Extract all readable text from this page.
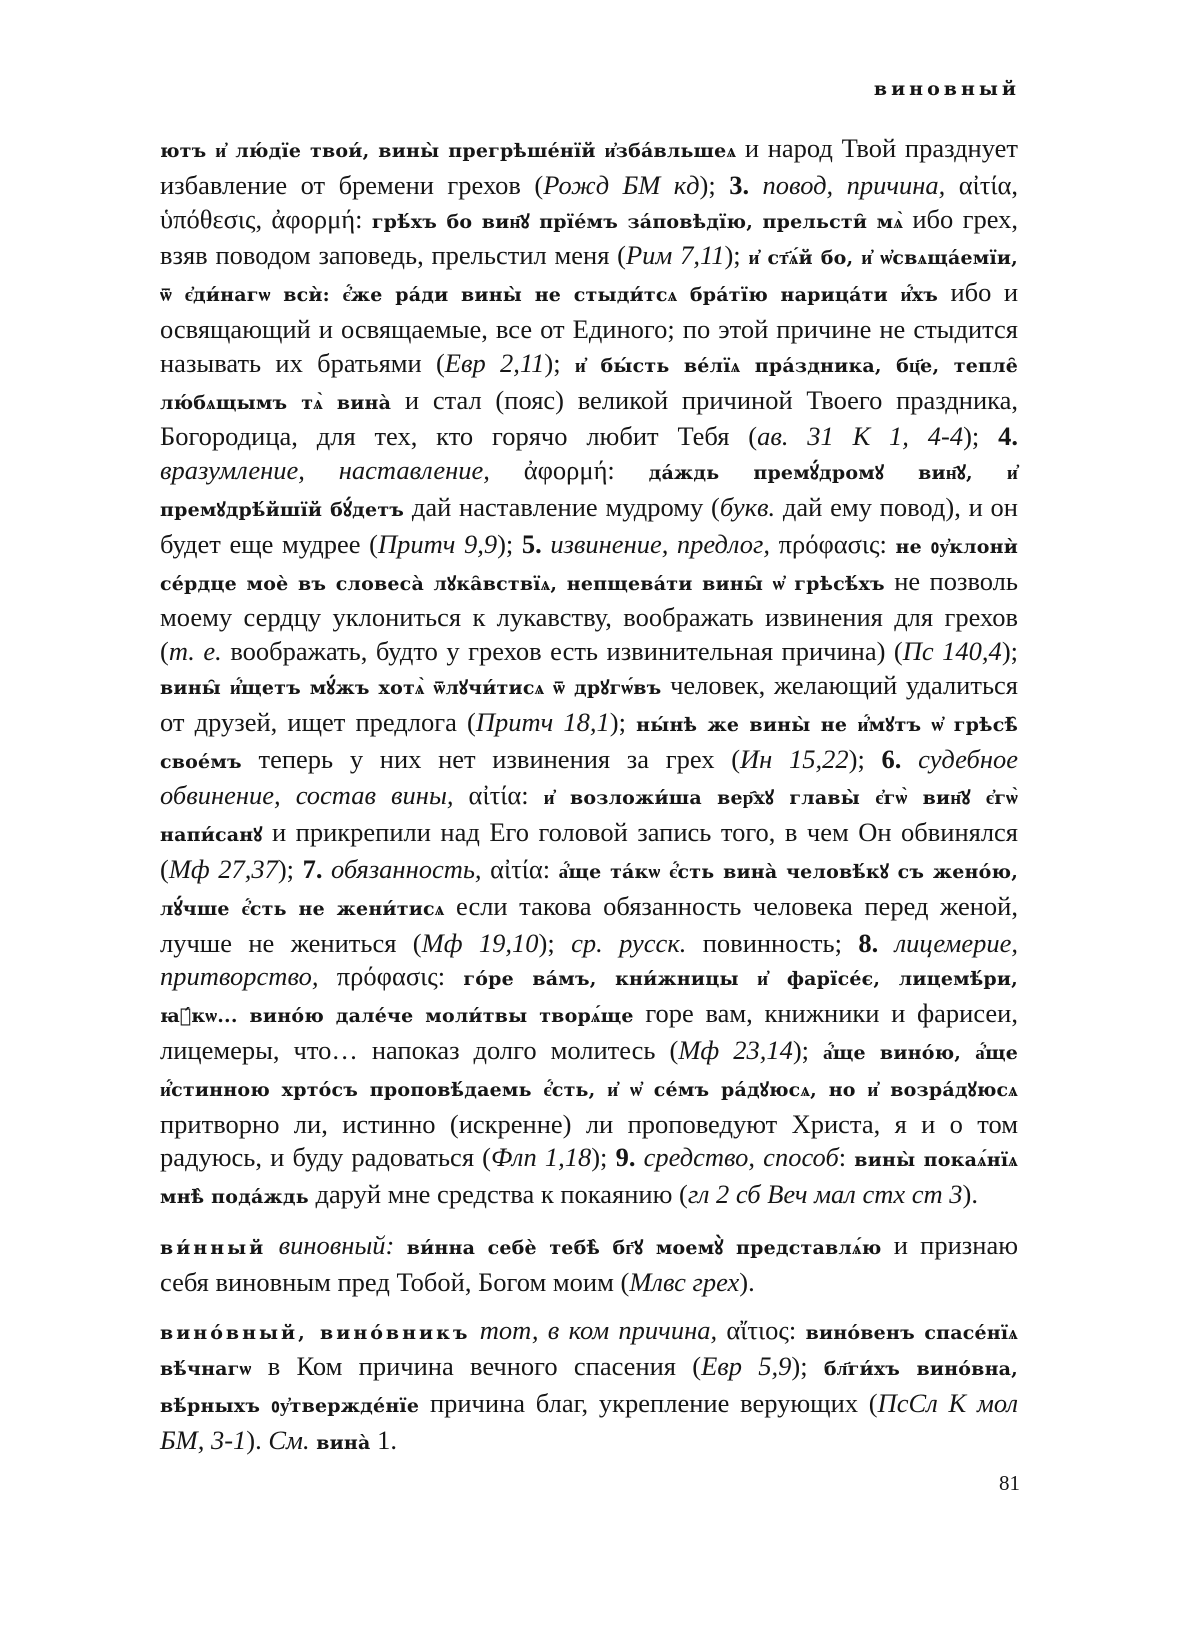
виновный

ютъ и҆ лю́дїе твои́, вины̀ прегрѣше́нїй и҆зба́вльшеѧ и народ Твой празднует избавление от бремени грехов (Рожд БМ кд); 3. повод, причина, αἰτία, ὑπόθεσις, ἀφορμή: грѣ́хъ бо вин҄ꙋ прїе́мъ за́повѣдїю, прельсти̑ мѧ̀ ибо грех, взяв поводом заповедь, прельстил меня (Рим 7,11); и҆ ст҃ѧ́й бо, и҆ ѡ҆свѧща́емїи, ѿ є҆ди́нагѡ всѝ: є҆́же ра́ди вины̀ не стыди́тсѧ бра́тїю нарица́ти и҆́хъ ибо и освящающий и освящаемые, все от Единого; по этой причине не стыдится называть их братьями (Евр 2,11); и҆ бы́сть ве́лїѧ пра́здника, бц҃е, тепле̑ лю́бѧщымъ тѧ̀ вина̀ и стал (пояс) великой причиной Твоего праздника, Богородица, для тех, кто горячо любит Тебя (ав. 31 К 1, 4-4); 4. вразумление, наставление, ἀφορμή: да́ждь премꙋ́дромꙋ вин҄ꙋ, и҆ премꙋдрѣ́йшїй бꙋ́детъ дай наставление мудрому (букв. дай ему повод), и он будет еще мудрее (Притч 9,9); 5. извинение, предлог, πρόφασις: не ᲂу҆клонѝ се́рдце моѐ въ словеса̀ лꙋка̑вствїѧ, непщева́ти вины̑ ѡ҆ грѣсѣ́хъ не позволь моему сердцу уклониться к лукавству, воображать извинения для грехов (т. е. воображать, будто у грехов есть извинительная причина) (Пс 140,4); вины̑ и҆́щетъ мꙋ́жъ хотѧ̀ ѿлꙋчи́тисѧ ѿ дрꙋгѡ́въ человек, желающий удалиться от друзей, ищет предлога (Притч 18,1); ны́нѣ же вины̀ не и҆́мꙋтъ ѡ҆ грѣсѣ̑ свое́мъ теперь у них нет извинения за грех (Ин 15,22); 6. судебное обвинение, состав вины, αἰτία: и҆ возложи́ша вер҄хꙋ главы̀ є҆гѡ̀ вин҄ꙋ є҆гѡ̀ напи́санꙋ и прикрепили над Его головой запись того, в чем Он обвинялся (Мф 27,37); 7. обязанность, αἰτία: а҆́ще та́кѡ є҆́сть вина̀ человѣ́кꙋ съ жено́ю, лꙋ́чше є҆́сть не жени́тисѧ если такова обязанность человека перед женой, лучше не жениться (Мф 19,10); ср. русск. повинность; 8. лицемерие, притворство, πρόφασις: го́ре ва́мъ, кни́жницы и҆ фарїсе́є, лицемѣ́ри, ꙗ҆́кѡ... вино́ю дале́че моли́твы творѧ́ще горе вам, книжники и фарисеи, лицемеры, что… напоказ долго молитесь (Мф 23,14); а҆́ще вино́ю, а҆́ще и҆́стинною хрто́съ проповѣ́даемь є҆́сть, и҆ ѡ҆ се́мъ ра́дꙋюсѧ, но и҆ возра́дꙋюсѧ притворно ли, истинно (искренне) ли проповедуют Христа, я и о том радуюсь, и буду радоваться (Флп 1,18); 9. средство, способ: вины̀ покаѧ́нїѧ мнѣ̀ пода́ждь даруй мне средства к покаянию (гл 2 сб Веч мал стх ст 3).

ви́нный виновный: ви́нна себѐ тебѣ̀ бг҃ꙋ моемꙋ̀ представлѧ́ю и признаю себя виновным пред Тобой, Богом моим (Млвс грех).

вино́вный, вино́вникъ тот, в ком причина, αἴτιος: вино́венъ спасе́нїѧ вѣ́чнагѡ в Ком причина вечного спасения (Евр 5,9); бл҃ги́хъ вино́вна, вѣ́рныхъ ᲂу҆твержде́нїе причина благ, укрепление верующих (ПсСл К мол БМ, 3-1). См. вина̀ 1.

81
